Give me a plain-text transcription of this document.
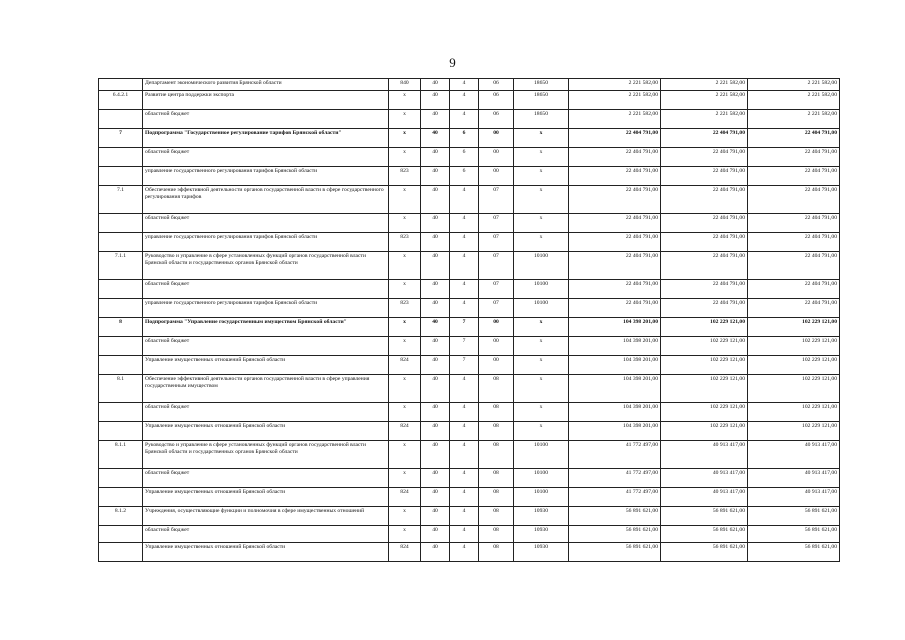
9
	Департамент экономического развития Брянской области	840	40	4	06	18650	2 221 582,00	2 221 582,00	2 221 582,00
6.4.2.1	Развитие центра поддержки экспорта	x	40	4	06	18650	2 221 582,00	2 221 582,00	2 221 582,00
	областной бюджет	x	40	4	06	18650	2 221 582,00	2 221 582,00	2 221 582,00
7	Подпрограмма "Государственное регулирование тарифов Брянской области"	x	40	6	00	x	22 404 791,00	22 404 791,00	22 404 791,00
	областной бюджет	x	40	6	00	x	22 404 791,00	22 404 791,00	22 404 791,00
	управление государственного регулирования тарифов Брянской области	823	40	6	00	x	22 404 791,00	22 404 791,00	22 404 791,00
7.1	Обеспечение эффективной деятельности органов государственной власти в сфере государственного регулирования тарифов	x	40	4	07	x	22 404 791,00	22 404 791,00	22 404 791,00
	областной бюджет	x	40	4	07	x	22 404 791,00	22 404 791,00	22 404 791,00
	управление государственного регулирования тарифов Брянской области	823	40	4	07	x	22 404 791,00	22 404 791,00	22 404 791,00
7.1.1	Руководство и управление в сфере установленных функций органов государственной власти Брянской области и государственных органов Брянской области	x	40	4	07	10100	22 404 791,00	22 404 791,00	22 404 791,00
	областной бюджет	x	40	4	07	10100	22 404 791,00	22 404 791,00	22 404 791,00
	управление государственного регулирования тарифов Брянской области	823	40	4	07	10100	22 404 791,00	22 404 791,00	22 404 791,00
8	Подпрограмма "Управление государственным имуществом Брянской области"	x	40	7	00	x	104 398 201,00	102 229 121,00	102 229 121,00
	областной бюджет	x	40	7	00	x	104 398 201,00	102 229 121,00	102 229 121,00
	Управление имущественных отношений Брянской области	824	40	7	00	x	104 398 201,00	102 229 121,00	102 229 121,00
8.1	Обеспечение эффективной деятельности органов государственной власти в сфере управления государственным имуществом	x	40	4	08	x	104 398 201,00	102 229 121,00	102 229 121,00
	областной бюджет	x	40	4	08	x	104 398 201,00	102 229 121,00	102 229 121,00
	Управление имущественных отношений Брянской области	824	40	4	08	x	104 398 201,00	102 229 121,00	102 229 121,00
8.1.1	Руководство и управление в сфере установленных функций органов государственной власти Брянской области и государственных органов Брянской области	x	40	4	08	10100	41 772 497,00	40 913 417,00	40 913 417,00
	областной бюджет	x	40	4	08	10100	41 772 497,00	40 913 417,00	40 913 417,00
	Управление имущественных отношений Брянской области	824	40	4	08	10100	41 772 497,00	40 913 417,00	40 913 417,00
8.1.2	Учреждения, осуществляющие функции и полномочия в сфере имущественных отношений	x	40	4	08	10930	56 891 621,00	56 891 621,00	56 891 621,00
	областной бюджет	x	40	4	08	10930	56 891 621,00	56 891 621,00	56 891 621,00
	Управление имущественных отношений Брянской области	824	40	4	08	10930	56 891 621,00	56 891 621,00	56 891 621,00
